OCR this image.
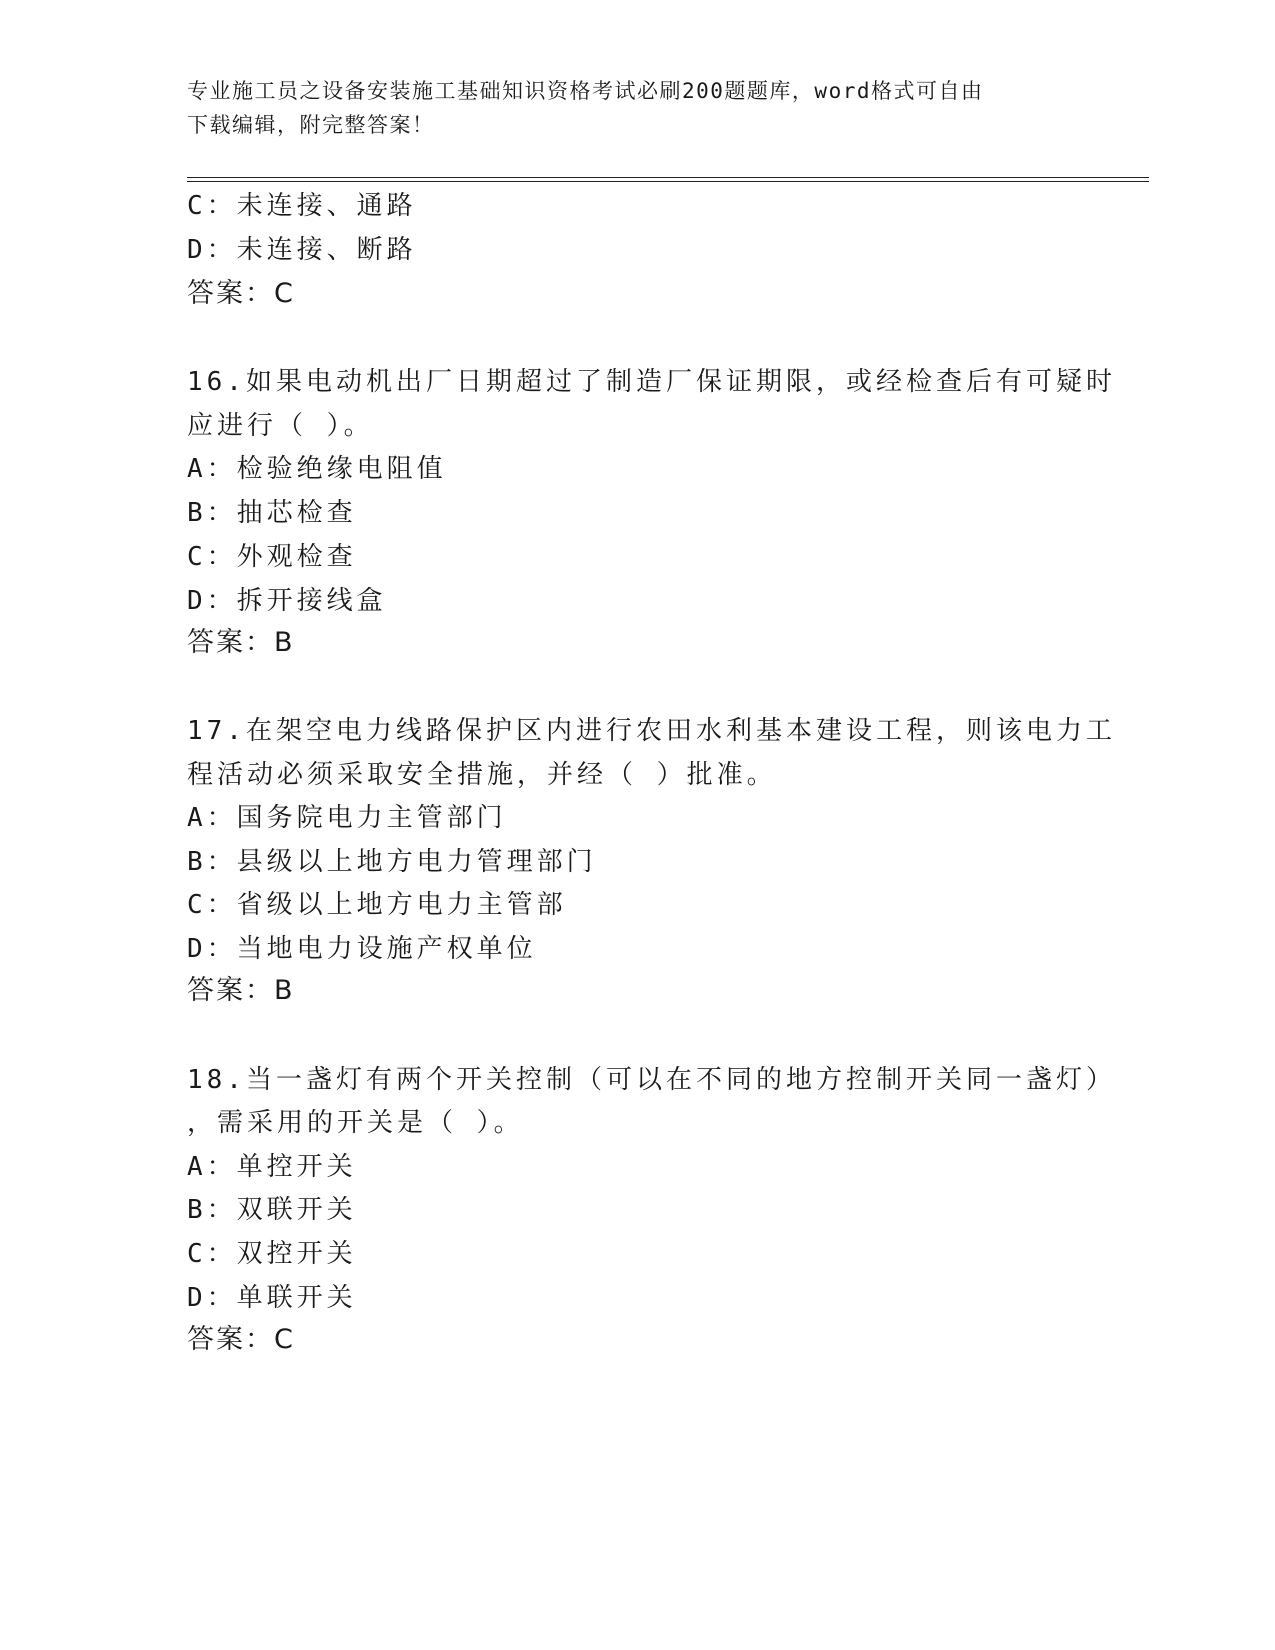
专业施工员之设备安装施工基础知识资格考试必刷200题题库，word格式可自由
下载编辑，附完整答案！
C：未连接、通路
D：未连接、断路
答案：C
16.如果电动机出厂日期超过了制造厂保证期限，或经检查后有可疑时
应进行（ ）。
A：检验绝缘电阻值
B：抽芯检查
C：外观检查
D：拆开接线盒
答案：B
17.在架空电力线路保护区内进行农田水利基本建设工程，则该电力工
程活动必须采取安全措施，并经（ ）批准。
A：国务院电力主管部门
B：县级以上地方电力管理部门
C：省级以上地方电力主管部
D：当地电力设施产权单位
答案：B
18.当一盏灯有两个开关控制（可以在不同的地方控制开关同一盏灯）
，需采用的开关是（ ）。
A：单控开关
B：双联开关
C：双控开关
D：单联开关
答案：C
